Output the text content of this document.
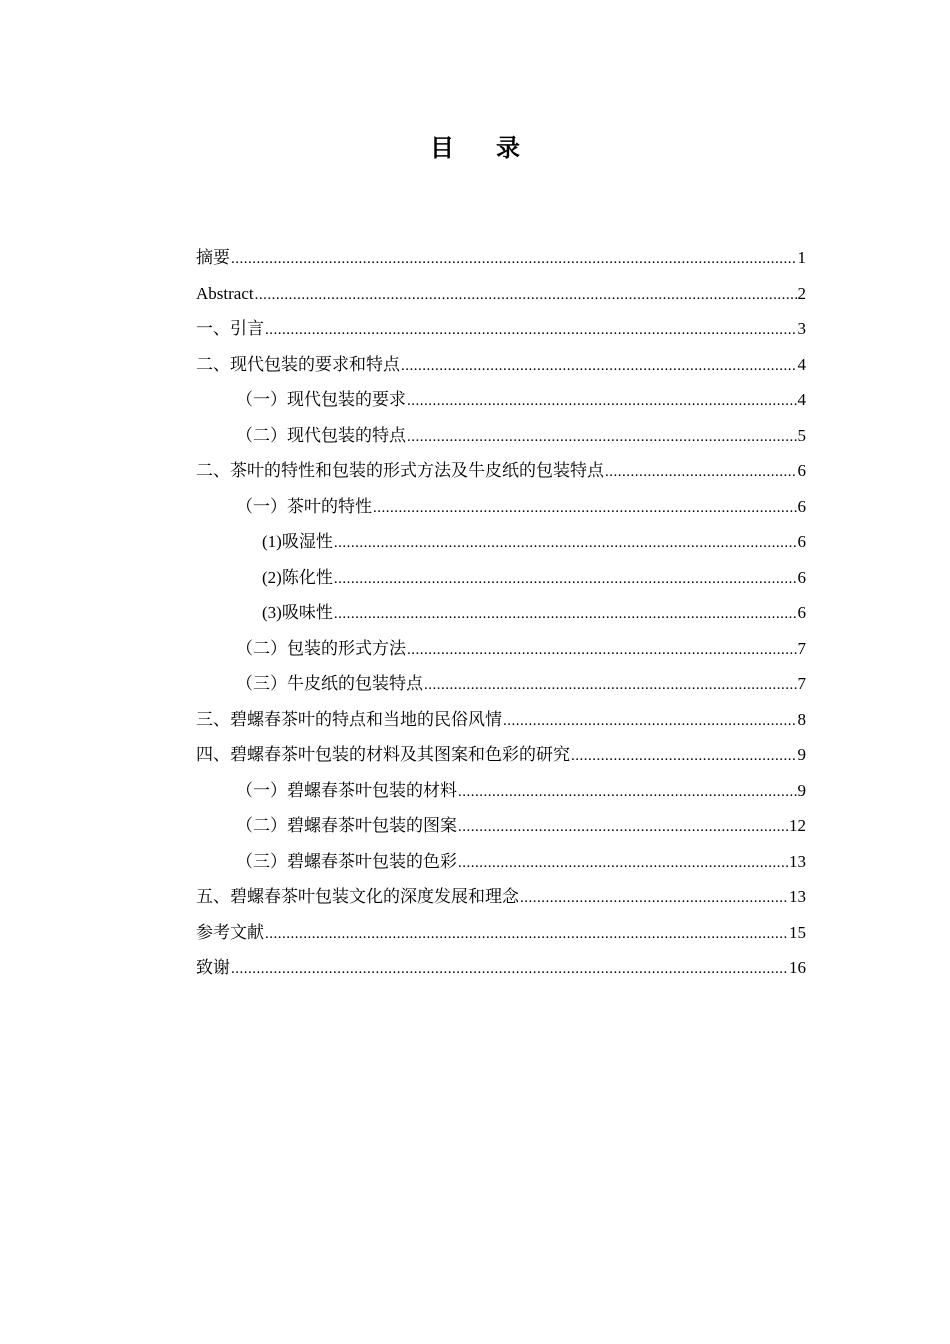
目录
摘要 .....	1
Abstract .....	2
一、引言 .....	3
二、现代包装的要求和特点 .....	4
（一）现代包装的要求 .....	4
（二）现代包装的特点 .....	5
二、茶叶的特性和包装的形式方法及牛皮纸的包装特点 .....	6
（一）茶叶的特性 .....	6
(1)吸湿性 .....	6
(2)陈化性 .....	6
(3)吸味性 .....	6
（二）包装的形式方法 .....	7
（三）牛皮纸的包装特点 .....	7
三、碧螺春茶叶的特点和当地的民俗风情 .....	8
四、碧螺春茶叶包装的材料及其图案和色彩的研究 .....	9
（一）碧螺春茶叶包装的材料 .....	9
（二）碧螺春茶叶包装的图案 .....	12
（三）碧螺春茶叶包装的色彩 .....	13
五、碧螺春茶叶包装文化的深度发展和理念 .....	13
参考文献 .....	15
致谢 .....	16
